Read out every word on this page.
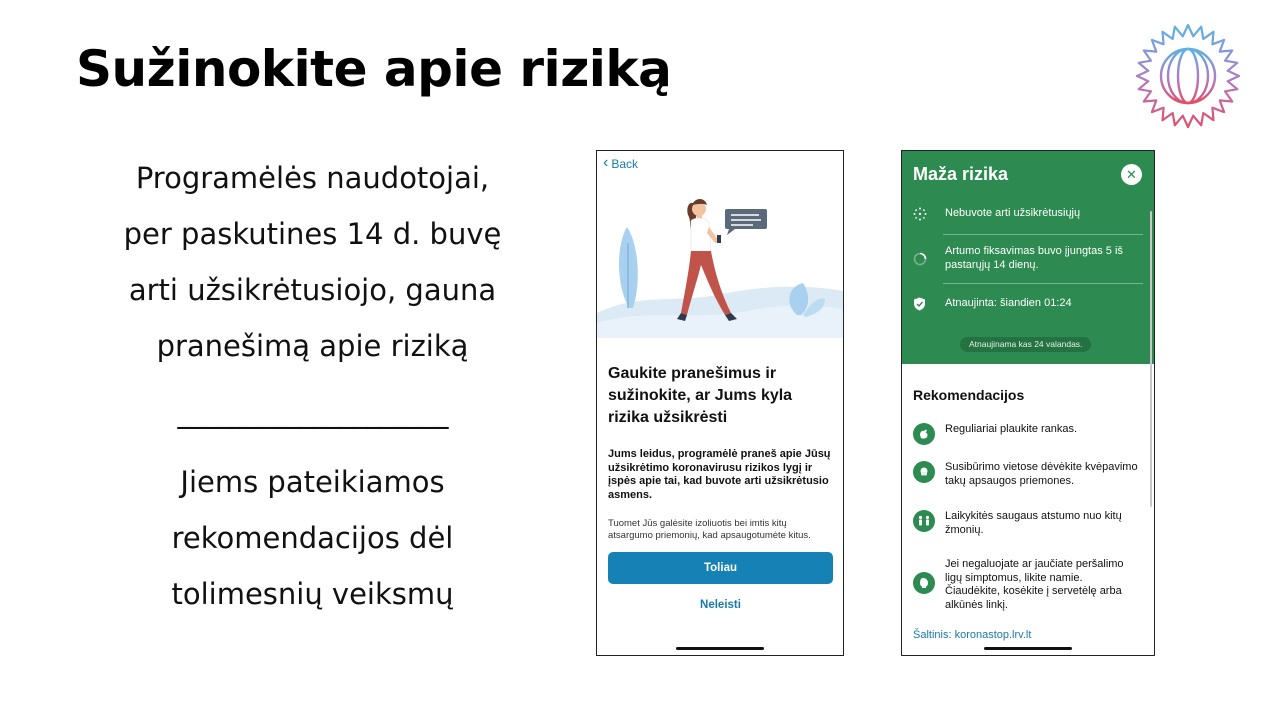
Sužinokite apie riziką
Programėlės naudotojai,
per paskutines 14 d. buvę
arti užsikrėtusiojo, gauna
pranešimą apie riziką
____________________
Jiems pateikiamos
rekomendacijos dėl
tolimesnių veiksmų
‹ Back
Gaukite pranešimus ir sužinokite, ar Jums kyla rizika užsikrėsti

Jums leidus, programėlė praneš apie Jūsų užsikrėtimo koronavirusu rizikos lygį ir įspės apie tai, kad buvote arti užsikrėtusio asmens.

Tuomet Jūs galėsite izoliuotis bei imtis kitų atsargumo priemonių, kad apsaugotumėte kitus.

Toliau
Neleisti
Maža rizika	✕
Nebuvote arti užsikrėtusiųjų
Artumo fiksavimas buvo įjungtas 5 iš pastarųjų 14 dienų.
Atnaujinta: šiandien 01:24
Atnaujinama kas 24 valandas.
Rekomendacijos
Reguliariai plaukite rankas.
Susibūrimo vietose dėvėkite kvėpavimo takų apsaugos priemones.
Laikykitės saugaus atstumo nuo kitų žmonių.
Jei negaluojate ar jaučiate peršalimo ligų simptomus, likite namie. Čiaudėkite, kosėkite į servetėlę arba alkūnės linkį.
Šaltinis: koronastop.lrv.lt
